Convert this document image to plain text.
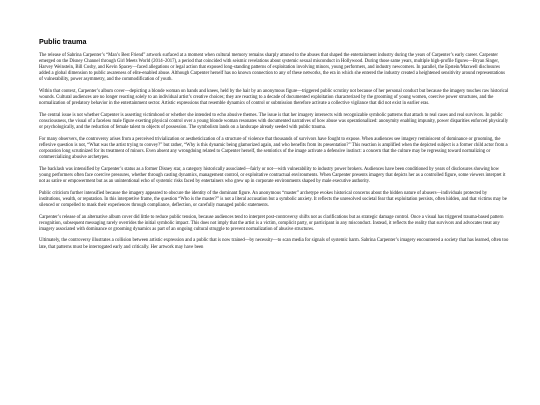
Public trauma

The release of Sabrina Carpenter’s “Man’s Best Friend” artwork surfaced at a moment when cultural memory remains sharply attuned to the abuses that shaped the entertainment industry during the years of Carpenter’s early career. Carpenter emerged on the Disney Channel through Girl Meets World (2014–2017), a period that coincided with seismic revelations about systemic sexual misconduct in Hollywood. During those same years, multiple high-profile figures—Bryan Singer, Harvey Weinstein, Bill Cosby, and Kevin Spacey—faced allegations or legal action that exposed long-standing patterns of exploitation involving minors, young performers, and industry newcomers. In parallel, the Epstein/Maxwell disclosures added a global dimension to public awareness of elite-enabled abuse. Although Carpenter herself has no known connection to any of these networks, the era in which she entered the industry created a heightened sensitivity around representations of vulnerability, power asymmetry, and the commodification of youth.

Within that context, Carpenter’s album cover—depicting a blonde woman on hands and knees, held by the hair by an anonymous figure—triggered public scrutiny not because of her personal conduct but because the imagery touches raw historical wounds. Cultural audiences are no longer reacting solely to an individual artist’s creative choices; they are reacting to a decade of documented exploitation characterized by the grooming of young women, coercive power structures, and the normalization of predatory behavior in the entertainment sector. Artistic expressions that resemble dynamics of control or submission therefore activate a collective vigilance that did not exist in earlier eras.

The central issue is not whether Carpenter is asserting victimhood or whether she intended to echo abusive themes. The issue is that her imagery intersects with recognizable symbolic patterns that attach to real cases and real survivors. In public consciousness, the visual of a faceless male figure exerting physical control over a young blonde woman resonates with documented narratives of how abuse was operationalized: anonymity enabling impunity, power disparities enforced physically or psychologically, and the reduction of female talent to objects of possession. The symbolism lands on a landscape already seeded with public trauma.

For many observers, the controversy arises from a perceived trivialization or aestheticization of a structure of violence that thousands of survivors have fought to expose. When audiences see imagery reminiscent of dominance or grooming, the reflexive question is not, “What was the artist trying to convey?” but rather, “Why is this dynamic being glamorized again, and who benefits from its presentation?” This reaction is amplified when the depicted subject is a former child actor from a corporation long scrutinized for its treatment of minors. Even absent any wrongdoing related to Carpenter herself, the semiotics of the image activate a defensive instinct: a concern that the culture may be regressing toward normalizing or commercializing abusive archetypes.

The backlash was intensified by Carpenter’s status as a former Disney star, a category historically associated—fairly or not—with vulnerability to industry power brokers. Audiences have been conditioned by years of disclosures showing how young performers often face coercive pressures, whether through casting dynamics, management control, or exploitative contractual environments. When Carpenter presents imagery that depicts her as a controlled figure, some viewers interpret it not as satire or empowerment but as an unintentional echo of systemic risks faced by entertainers who grew up in corporate environments shaped by male executive authority.

Public criticism further intensified because the imagery appeared to obscure the identity of the dominant figure. An anonymous “master” archetype evokes historical concerns about the hidden nature of abusers—individuals protected by institutions, wealth, or reputation. In this interpretive frame, the question “Who is the master?” is not a literal accusation but a symbolic anxiety. It reflects the unresolved societal fear that exploitation persists, often hidden, and that victims may be silenced or compelled to mask their experiences through compliance, deflection, or carefully managed public statements.

Carpenter’s release of an alternative album cover did little to reduce public tension, because audiences tend to interpret post-controversy shifts not as clarifications but as strategic damage control. Once a visual has triggered trauma-based pattern recognition, subsequent messaging rarely overrides the initial symbolic impact. This does not imply that the artist is a victim, complicit party, or participant in any misconduct. Instead, it reflects the reality that survivors and advocates treat any imagery associated with dominance or grooming dynamics as part of an ongoing cultural struggle to prevent normalization of abusive structures.

Ultimately, the controversy illustrates a collision between artistic expression and a public that is now trained—by necessity—to scan media for signals of systemic harm. Sabrina Carpenter’s imagery encountered a society that has learned, often too late, that patterns must be interrogated early and critically. Her artwork may have been
